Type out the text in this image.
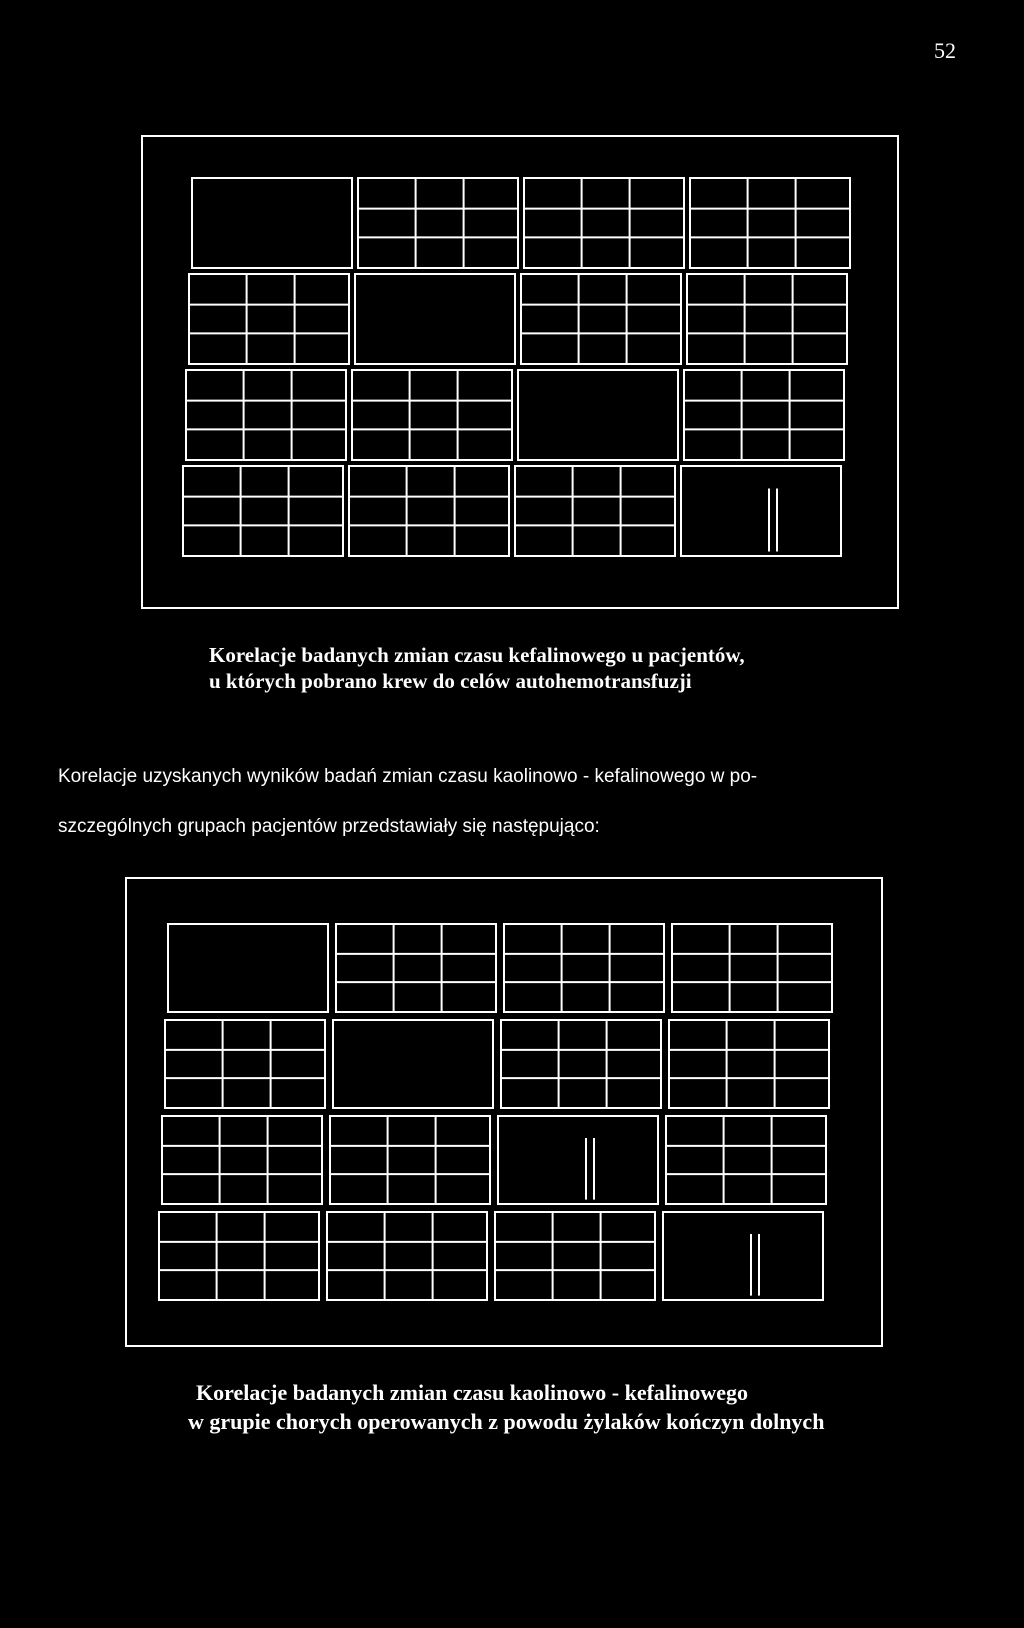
52
Korelacje badanych zmian czasu kefalinowego u pacjentów,
u których pobrano krew do celów autohemotransfuzji
Korelacje uzyskanych wyników badań zmian czasu kaolinowo - kefalinowego w po-
szczególnych grupach pacjentów przedstawiały się następująco:
Korelacje badanych zmian czasu kaolinowo - kefalinowego
w grupie chorych operowanych z powodu żylaków kończyn dolnych
